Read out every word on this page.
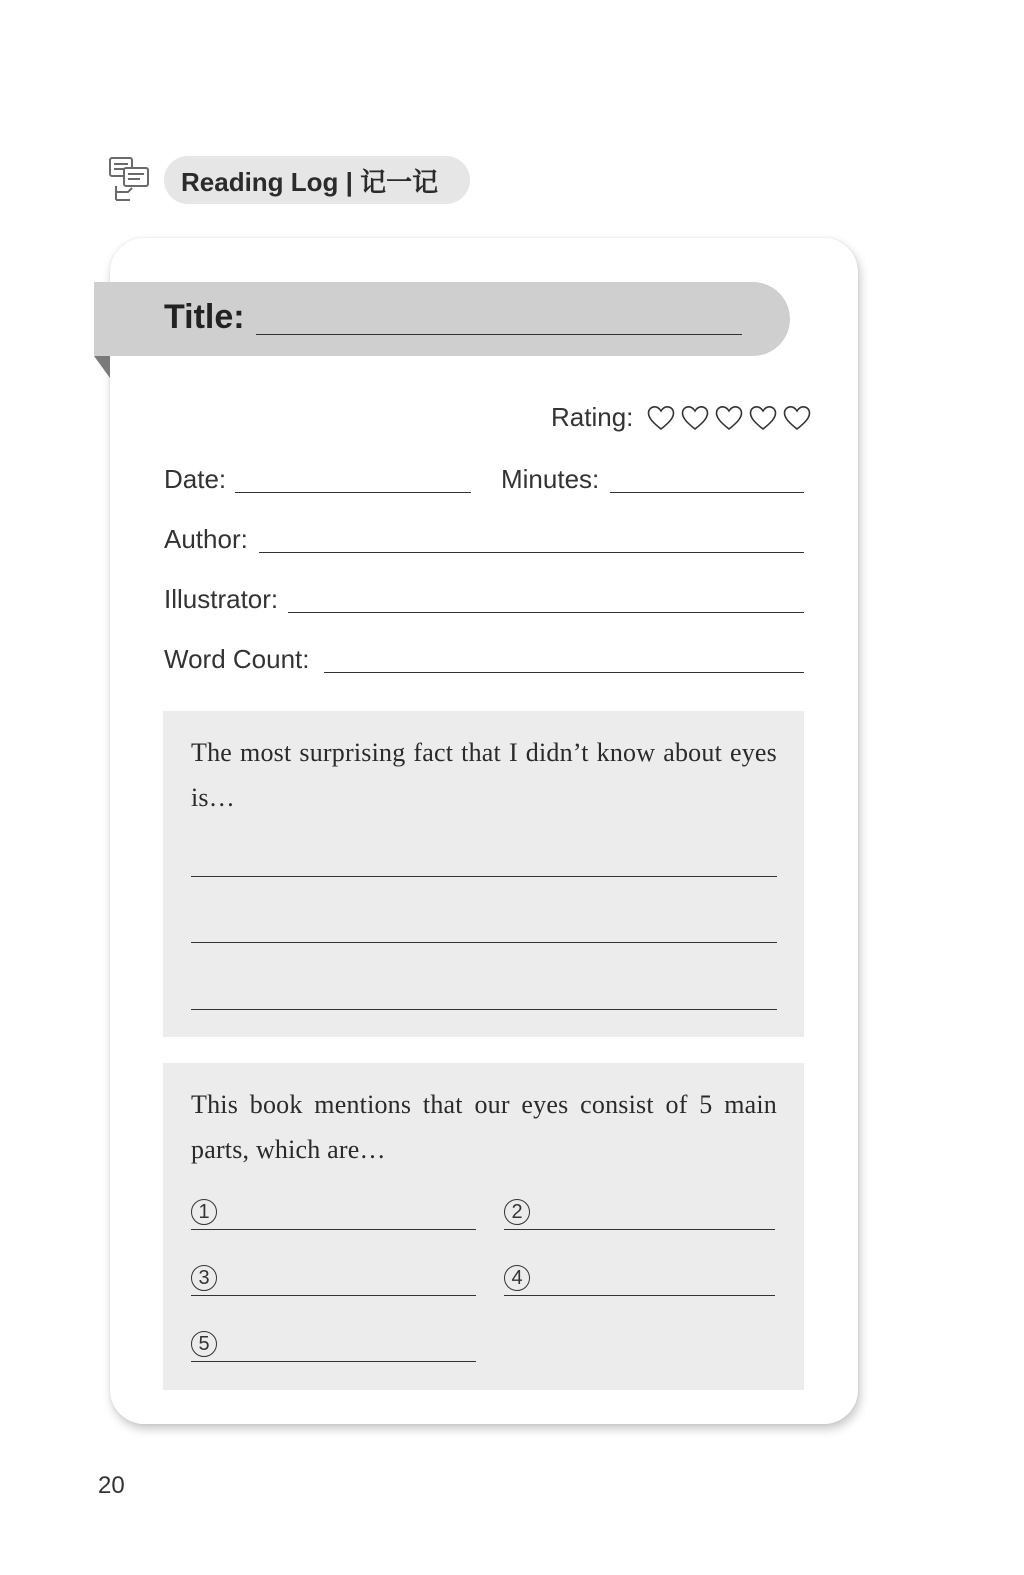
Reading Log | 记一记
Title:
Rating:
Date:	Minutes:
Author:
Illustrator:
Word Count:
The most surprising fact that I didn’t know about eyes is…
This book mentions that our eyes consist of 5 main parts, which are…
1	2
3	4
5
20
